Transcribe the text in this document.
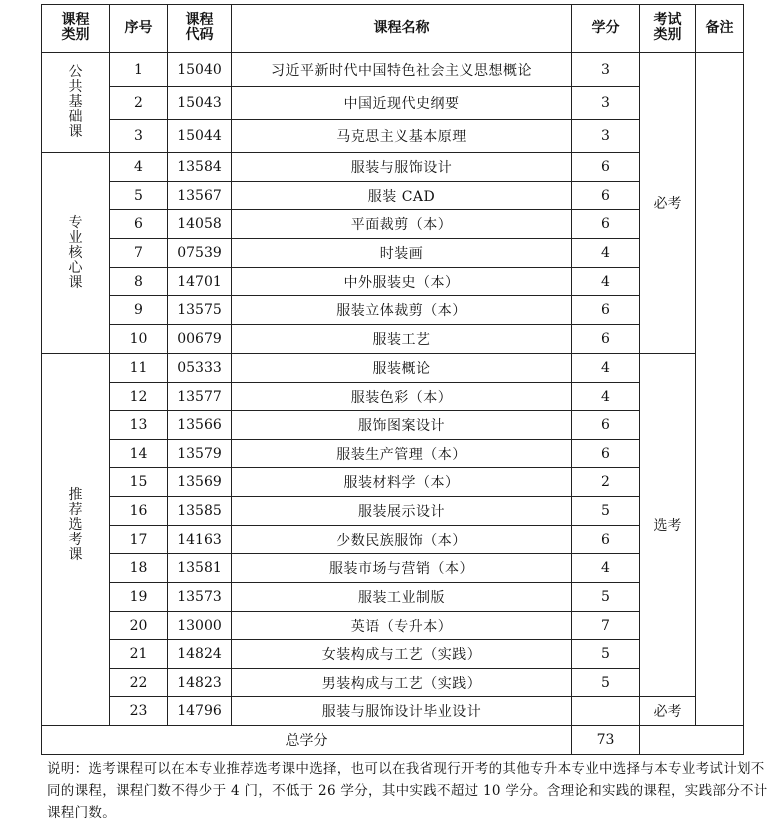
课程类别	序号	课程代码	课程名称	学分	考试类别	备注
公共基础课	1	15040	习近平新时代中国特色社会主义思想概论	3	必考	
	2	15043	中国近现代史纲要	3		
	3	15044	马克思主义基本原理	3		
专业核心课	4	13584	服装与服饰设计	6		
	5	13567	服装 CAD	6		
	6	14058	平面裁剪（本）	6		
	7	07539	时装画	4		
	8	14701	中外服装史（本）	4		
	9	13575	服装立体裁剪（本）	6		
	10	00679	服装工艺	6		
推荐选考课	11	05333	服装概论	4	选考	
	12	13577	服装色彩（本）	4		
	13	13566	服饰图案设计	6		
	14	13579	服装生产管理（本）	6		
	15	13569	服装材料学（本）	2		
	16	13585	服装展示设计	5		
	17	14163	少数民族服饰（本）	6		
	18	13581	服装市场与营销（本）	4		
	19	13573	服装工业制版	5		
	20	13000	英语（专升本）	7		
	21	14824	女装构成与工艺（实践）	5		
	22	14823	男装构成与工艺（实践）	5		
	23	14796	服装与服饰设计毕业设计		必考	
总学分				73		
说明：选考课程可以在本专业推荐选考课中选择，也可以在我省现行开考的其他专升本专业中选择与本专业考试计划不同的课程，课程门数不得少于 4 门，不低于 26 学分，其中实践不超过 10 学分。含理论和实践的课程，实践部分不计课程门数。
